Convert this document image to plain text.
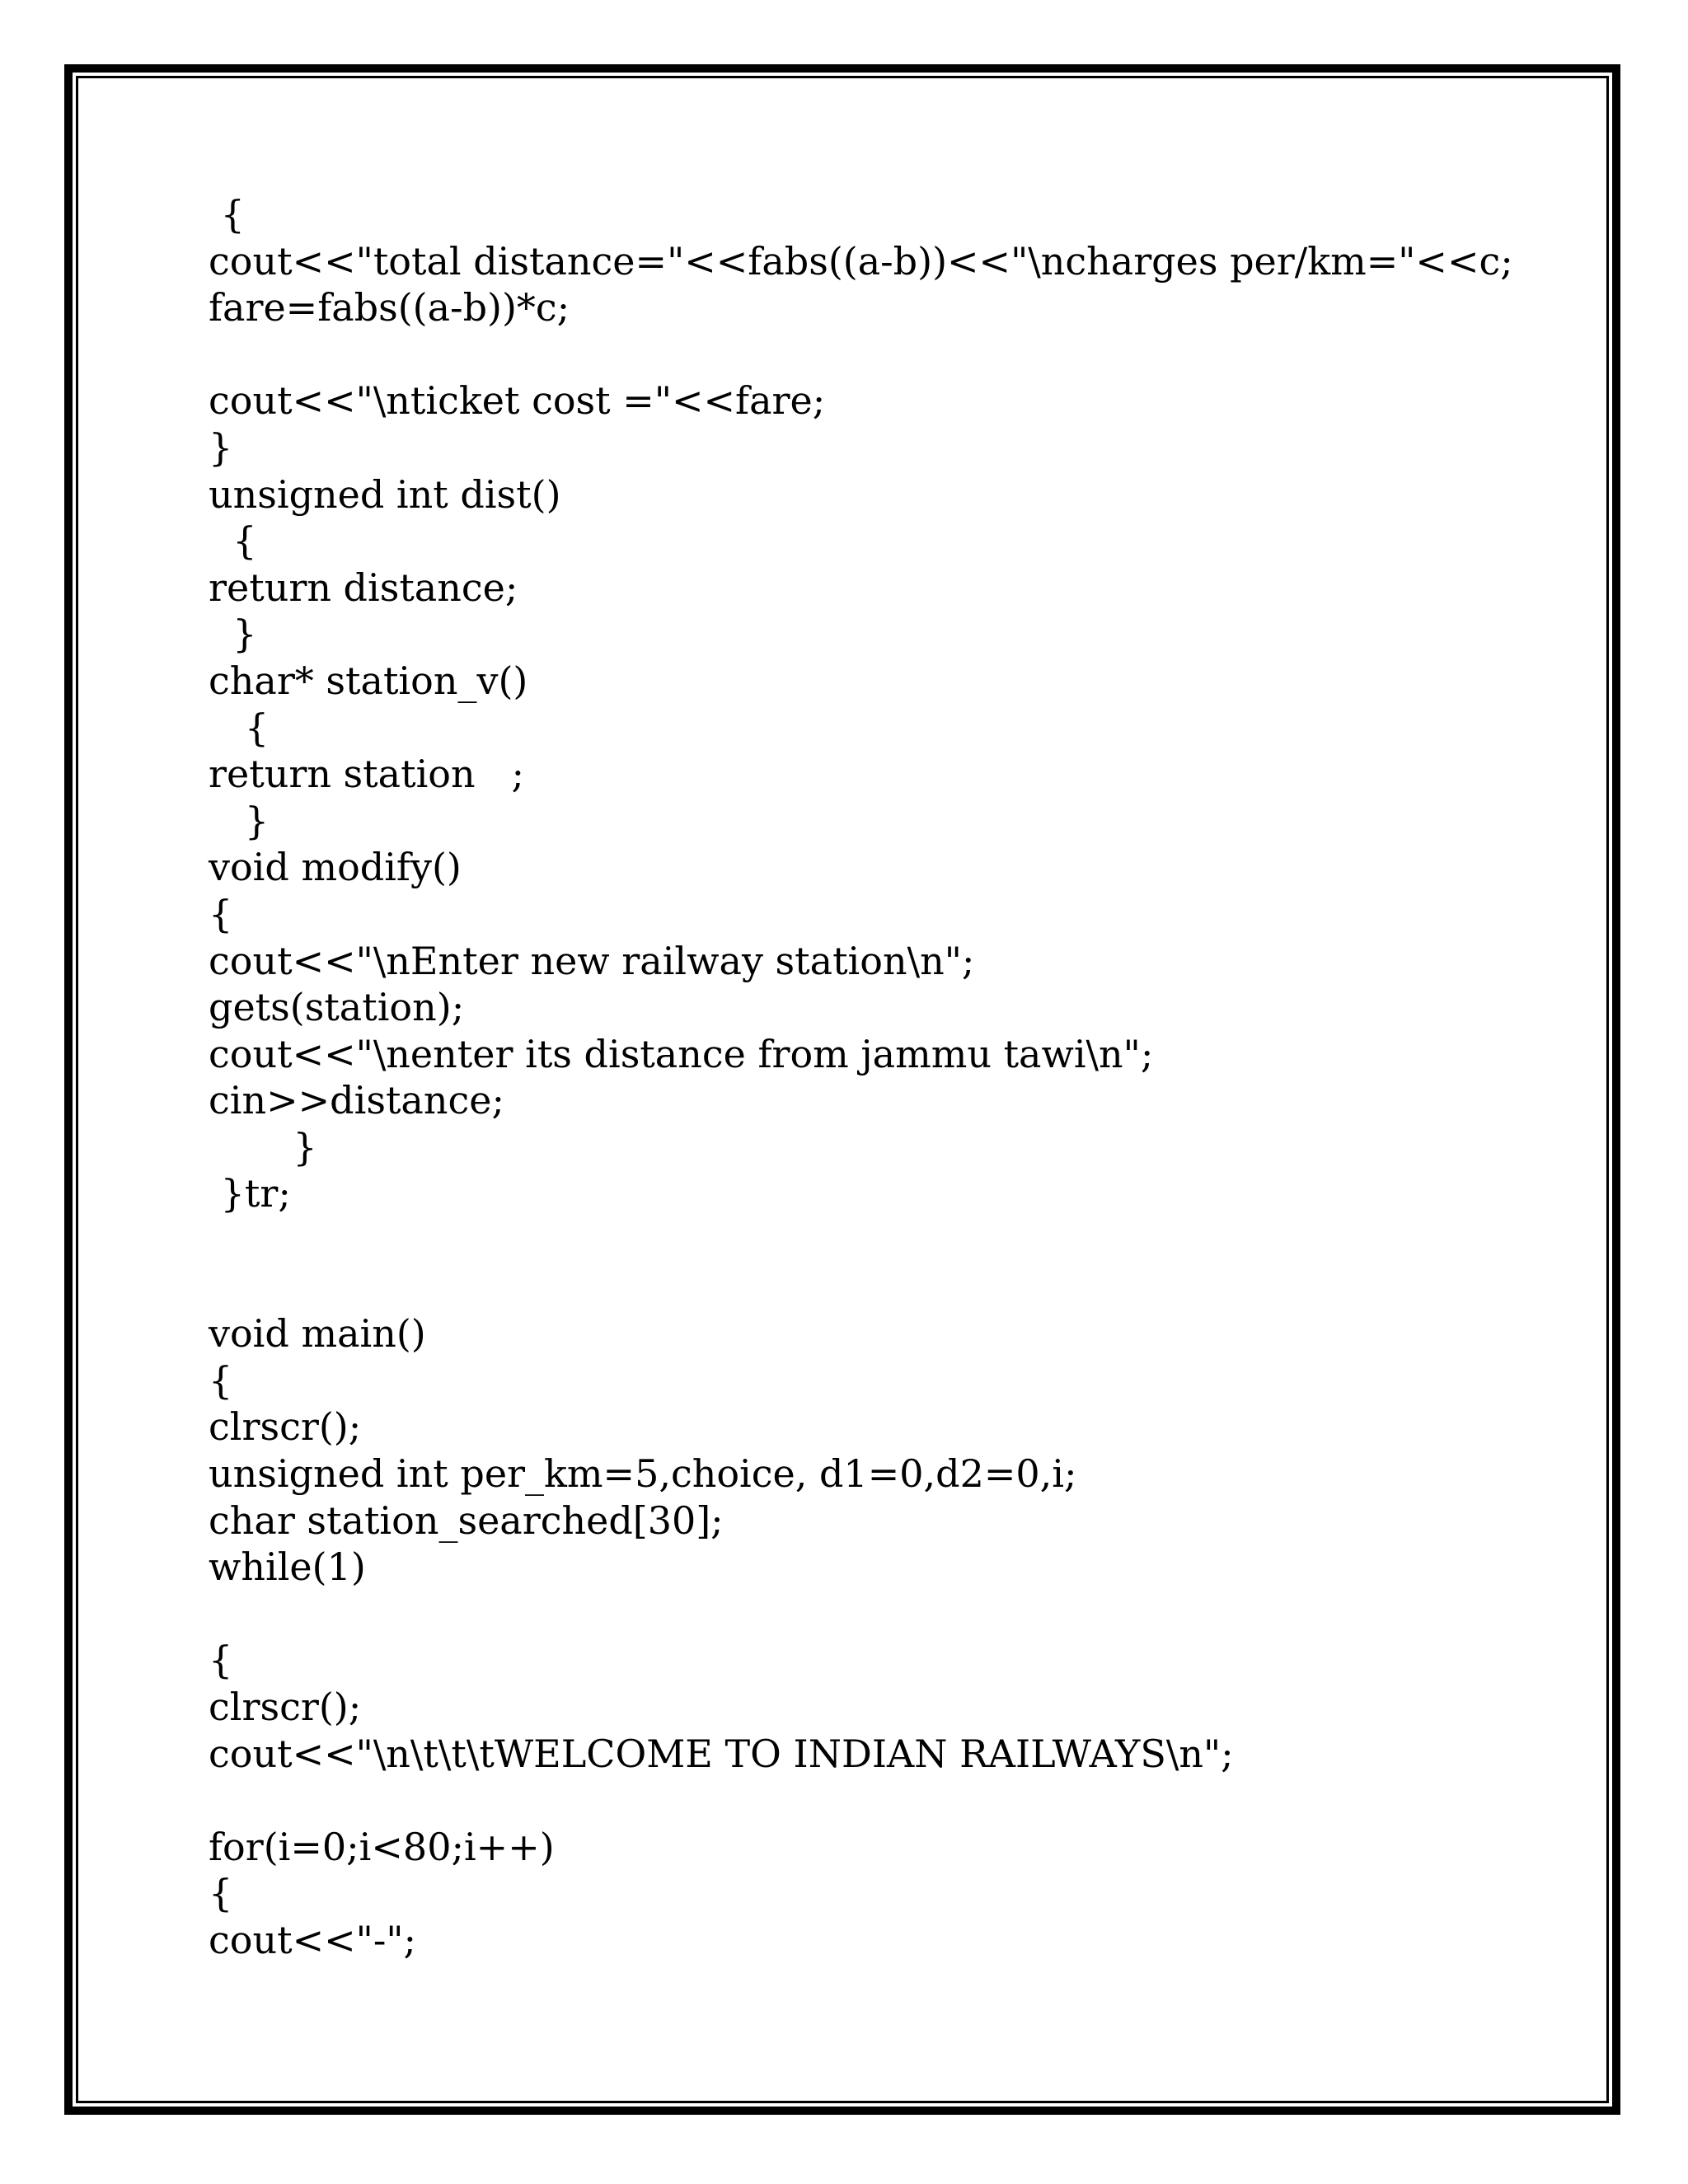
{
cout<<"total distance="<<fabs((a-b))<<"\ncharges per/km="<<c;
fare=fabs((a-b))*c;
cout<<"\nticket cost ="<<fare;
}
unsigned int dist()
{
return distance;
}
char* station_v()
{
return station   ;
}
void modify()
{
cout<<"\nEnter new railway station\n";
gets(station);
cout<<"\nenter its distance from jammu tawi\n";
cin>>distance;
}
}tr;
void main()
{
clrscr();
unsigned int per_km=5,choice, d1=0,d2=0,i;
char station_searched[30];
while(1)
{
clrscr();
cout<<"\n\t\t\tWELCOME TO INDIAN RAILWAYS\n";
for(i=0;i<80;i++)
{
cout<<"-";
